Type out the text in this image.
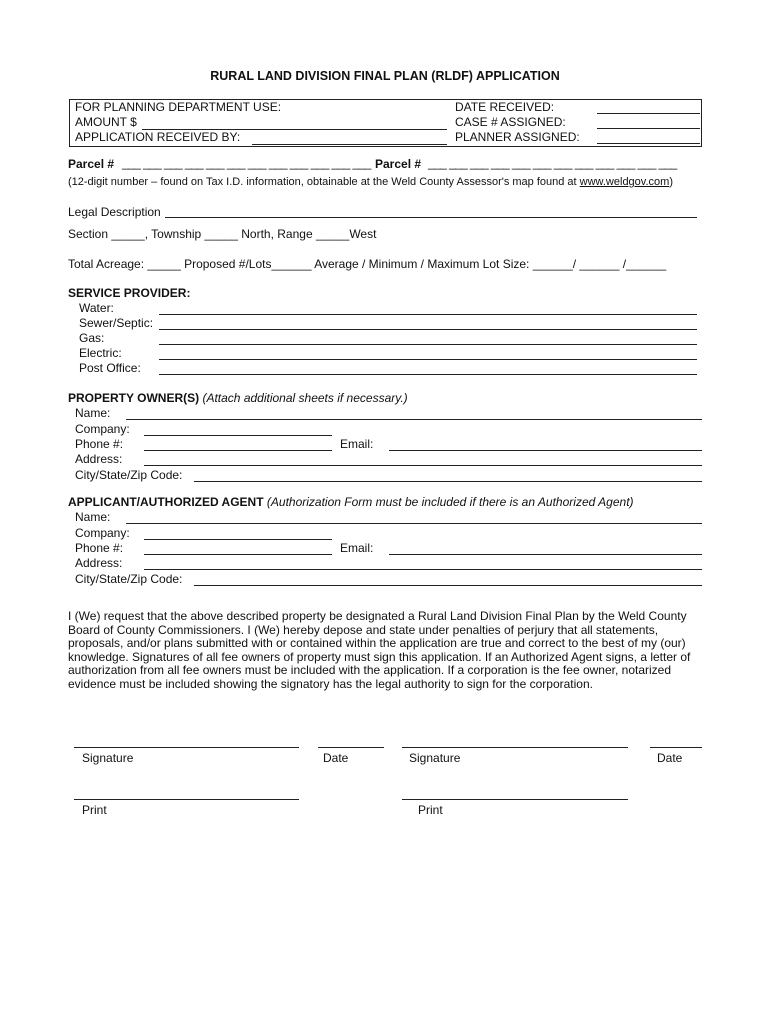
RURAL LAND DIVISION FINAL PLAN (RLDF) APPLICATION
FOR PLANNING DEPARTMENT USE:
AMOUNT $
APPLICATION RECEIVED BY:
DATE RECEIVED:
CASE # ASSIGNED:
PLANNER ASSIGNED:
Parcel # ___ ___ ___ ___ ___ ___ ___ ___ ___ ___ ___ ___ Parcel # ___ ___ ___ ___ ___ ___ ___ ___ ___ ___ ___ ___
(12-digit number – found on Tax I.D. information, obtainable at the Weld County Assessor's map found at www.weldgov.com)
Legal Description
Section _____, Township _____ North, Range _____West
Total Acreage: _____ Proposed #/Lots______ Average / Minimum / Maximum Lot Size: ______/ ______ /______
SERVICE PROVIDER:
Water:
Sewer/Septic:
Gas:
Electric:
Post Office:
PROPERTY OWNER(S) (Attach additional sheets if necessary.)
Name:
Company:
Phone #:	Email:
Address:
City/State/Zip Code:
APPLICANT/AUTHORIZED AGENT (Authorization Form must be included if there is an Authorized Agent)
Name:
Company:
Phone #:	Email:
Address:
City/State/Zip Code:
I (We) request that the above described property be designated a Rural Land Division Final Plan by the Weld County Board of County Commissioners. I (We) hereby depose and state under penalties of perjury that all statements, proposals, and/or plans submitted with or contained within the application are true and correct to the best of my (our) knowledge. Signatures of all fee owners of property must sign this application. If an Authorized Agent signs, a letter of authorization from all fee owners must be included with the application. If a corporation is the fee owner, notarized evidence must be included showing the signatory has the legal authority to sign for the corporation.
Signature	Date	Signature	Date
Print	Print
